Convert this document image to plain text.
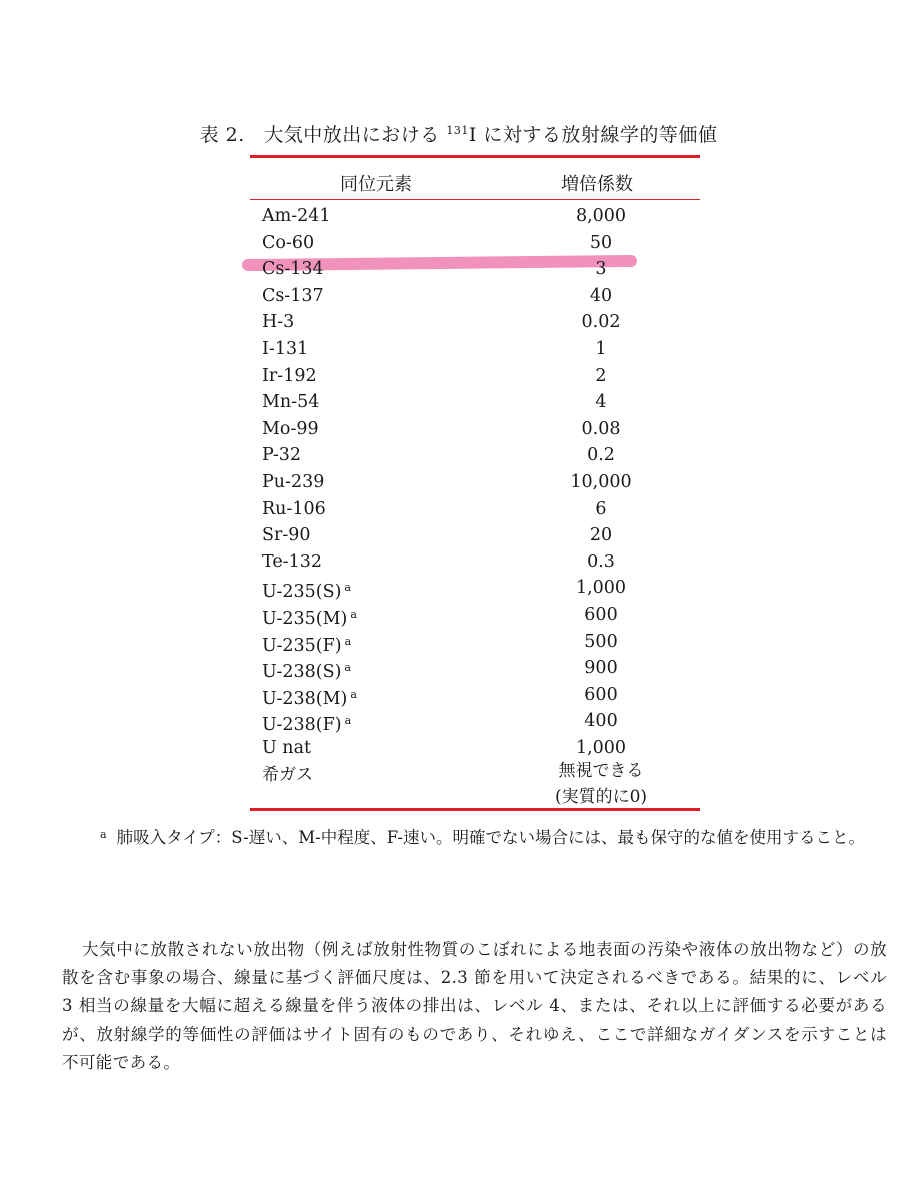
表 2.　大気中放出における $^{131}$I に対する放射線学的等価値
同位元素	増倍係数
Am-241	8,000
Co-60	50
Cs-134	3
Cs-137	40
H-3	0.02
I-131	1
Ir-192	2
Mn-54	4
Mo-99	0.08
P-32	0.2
Pu-239	10,000
Ru-106	6
Sr-90	20
Te-132	0.3
U-235(S) $^a$	1,000
U-235(M) $^a$	600
U-235(F) $^a$	500
U-238(S) $^a$	900
U-238(M) $^a$	600
U-238(F) $^a$	400
U nat	1,000
希ガス	無視できる
(実質的に0)
$^a$ 肺吸入タイプ：S-遅い、M-中程度、F-速い。明確でない場合には、最も保守的な値を使用すること。
大気中に放散されない放出物（例えば放射性物質のこぼれによる地表面の汚染や液体の放出物など）の放散を含む事象の場合、線量に基づく評価尺度は、2.3 節を用いて決定されるべきである。結果的に、レベル 3 相当の線量を大幅に超える線量を伴う液体の排出は、レベル 4、または、それ以上に評価する必要があるが、放射線学的等価性の評価はサイト固有のものであり、それゆえ、ここで詳細なガイダンスを示すことは不可能である。
